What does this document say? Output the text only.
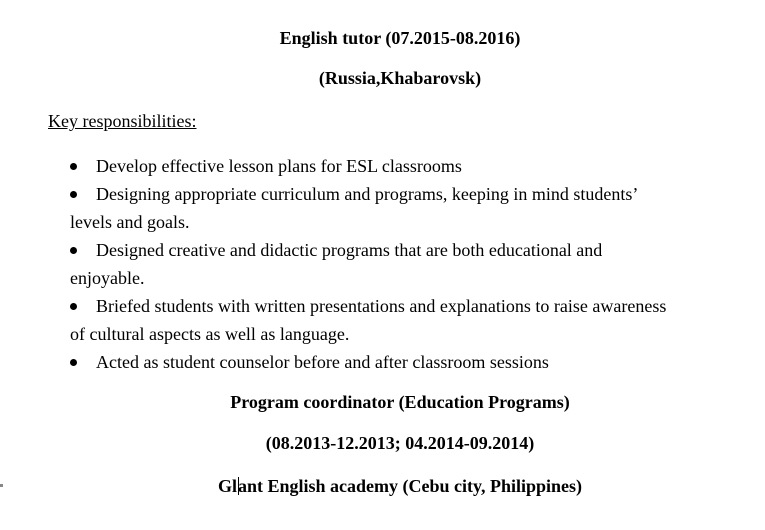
English tutor (07.2015-08.2016)
(Russia,Khabarovsk)
Key responsibilities:
Develop effective lesson plans for ESL classrooms
Designing appropriate curriculum and programs, keeping in mind students’
levels and goals.
Designed creative and didactic programs that are both educational and
enjoyable.
Briefed students with written presentations and explanations to raise awareness
of cultural aspects as well as language.
Acted as student counselor before and after classroom sessions
Program coordinator (Education Programs)
(08.2013-12.2013; 04.2014-09.2014)
Glant English academy (Cebu city, Philippines)
